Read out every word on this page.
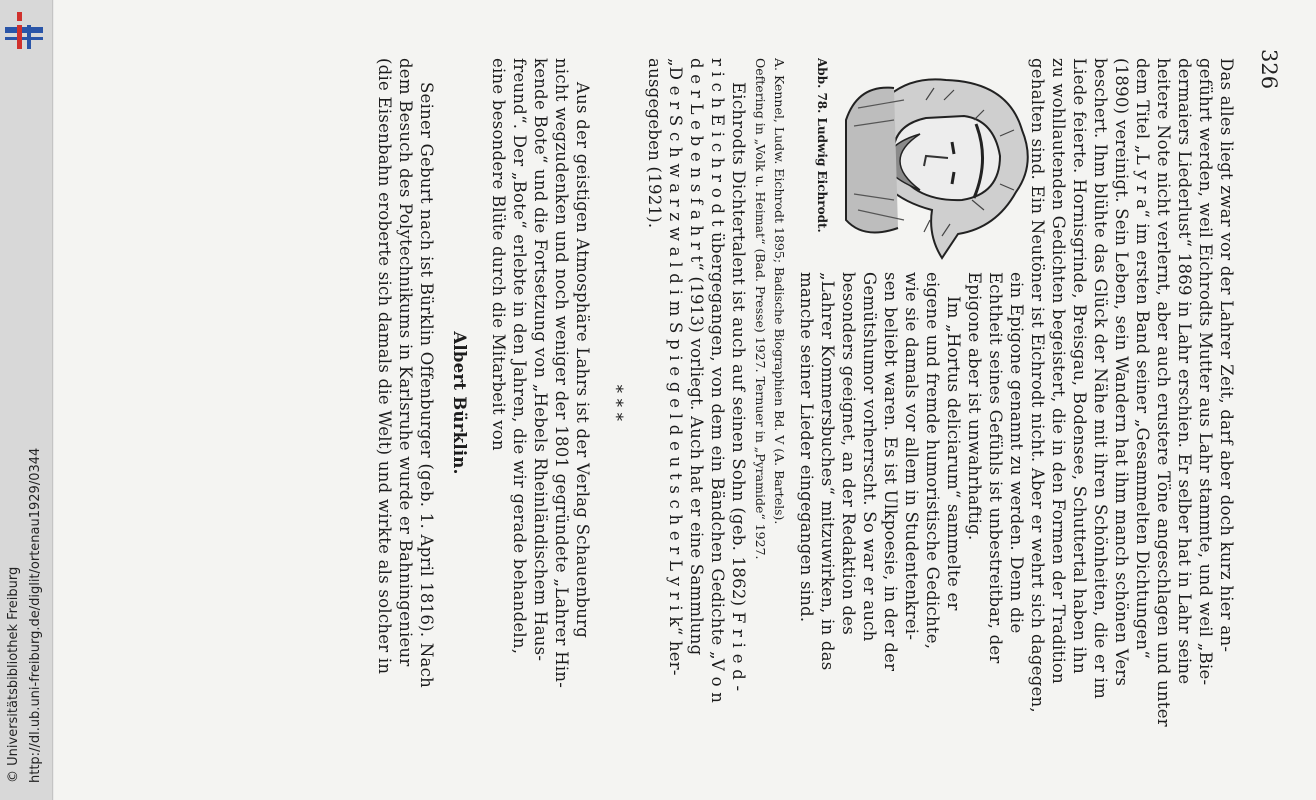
http://dl.ub.uni-freiburg.de/diglit/ortenau1929/0344
© Universitätsbibliothek Freiburg
326
Das alles liegt zwar vor der Lahrer Zeit, darf aber doch kurz hier an-
geführt werden, weil Eichrodts Mutter aus Lahr stammte, und weil „Bie-
dermaiers Liederlust“ 1869 in Lahr erschien. Er selber hat in Lahr seine
heitere Note nicht verlernt, aber auch erustere Töne angeschlagen und unter
dem Titel „L y r a“ im ersten Band seiner „Gesammelten Dichtungen“
(1890) vereinigt. Sein Leben, sein Wandern hat ihm manch schönen Vers
beschert. Ihm blühte das Glück der Nähe mit ihren Schönheiten, die er im
Liede feierte. Hornisgrinde, Breisgau, Bodensee, Schuttertal haben ihn
zu wohllautenden Gedichten begeistert, die in den Formen der Tradition
gehalten sind. Ein Neutöner ist Eichrodt nicht. Aber er wehrt sich dagegen,
ein Epigone genannt zu werden. Denn die
Echtheit seines Gefühls ist unbestreitbar, der
Epigone aber ist unwahrhaftig.
Im „Hortus deliciarum“ sammelte er
eigene und fremde humoristische Gedichte,
wie sie damals vor allem in Studentenkrei-
sen beliebt waren. Es ist Ulkpoesie, in der der
Gemütshumor vorherrscht. So war er auch
besonders geeignet, an der Redaktion des
„Lahrer Kommersbuches“ mitzuwirken, in das
manche seiner Lieder eingegangen sind.
Abb. 78. Ludwig Eichrodt.
A. Kennel, Ludw. Eichrodt 1895; Badische Biographien Bd. V (A. Bartels).
Oeftering in „Volk u. Heimat“ (Bad. Presse) 1927. Ternuer in „Pyramide“ 1927.
Eichrodts Dichtertalent ist auch auf seinen Sohn (geb. 1862) F r i e d -
r i c h E i c h r o d t übergegangen, von dem ein Bändchen Gedichte „V o n
d e r L e b e n s f a h r t“ (1913) vorliegt. Auch hat er eine Sammlung
„D e r S c h w a r z w a l d i m S p i e g e l d e u t s c h e r L y r i k“ her-
ausgegeben (1921).
* * *
Aus der geistigen Atmosphäre Lahrs ist der Verlag Schauenburg
nicht wegzudenken und noch weniger der 1801 gegründete „Lahrer Hin-
kende Bote“ und die Fortsetzung von „Hebels Rheinländischem Haus-
freund“. Der „Bote“ erlebte in den Jahren, die wir gerade behandeln,
eine besondere Blüte durch die Mitarbeit von
Albert Bürklin.
Seiner Geburt nach ist Bürklin Offenburger (geb. 1. April 1816). Nach
dem Besuch des Polytechnikums in Karlsruhe wurde er Bahningenieur
(die Eisenbahn eroberte sich damals die Welt) und wirkte als solcher in
